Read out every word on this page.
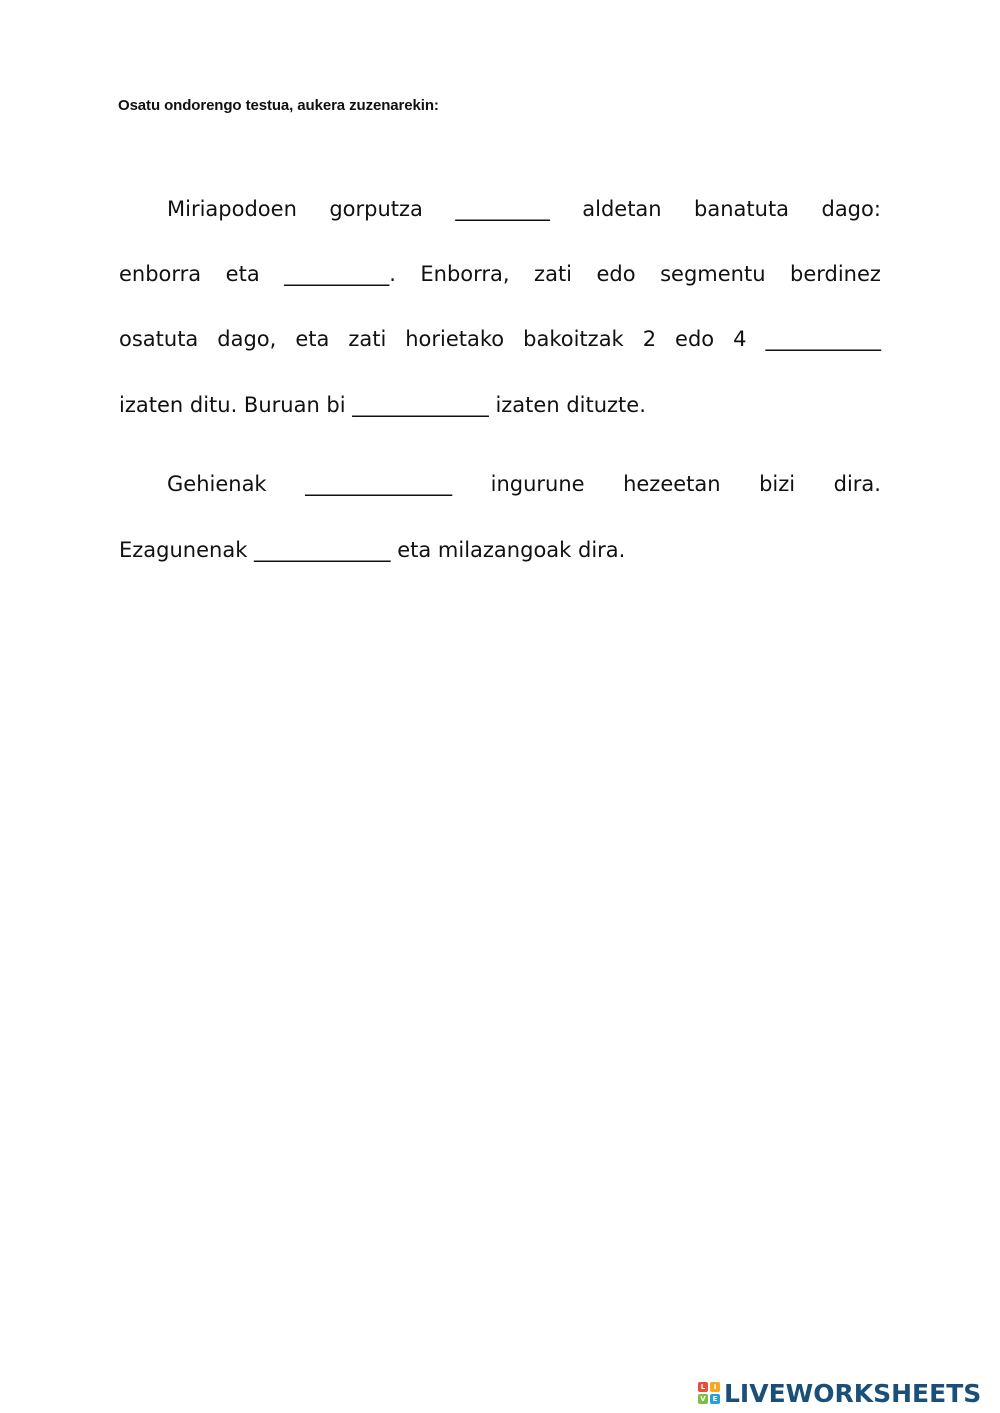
Osatu ondorengo testua, aukera zuzenarekin:
Miriapodoen gorputza _________ aldetan banatuta dago:
enborra eta __________. Enborra, zati edo segmentu berdinez
osatuta dago, eta zati horietako bakoitzak 2 edo 4 ___________
izaten ditu. Buruan bi _____________ izaten dituzte.
Gehienak ______________ ingurune hezeetan bizi dira.
Ezagunenak _____________ eta milazangoak dira.
L	I
V E LIVEWORKSHEETS
